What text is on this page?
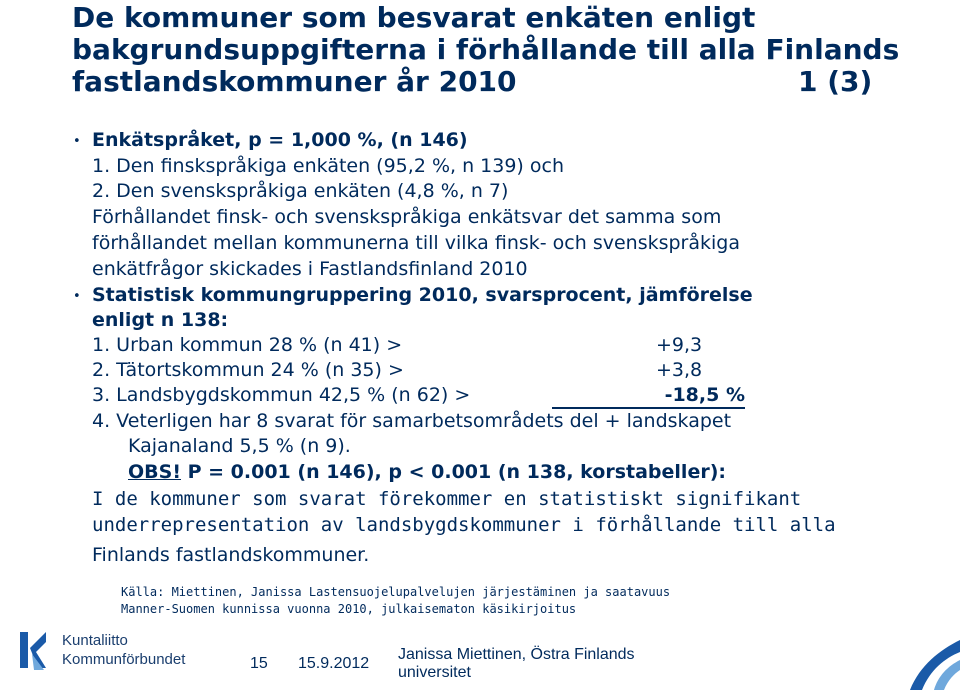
De kommuner som besvarat enkäten enligt bakgrundsuppgifterna i förhållande till alla Finlands fastlandskommuner år 2010	1 (3)
• Enkätspråket, p = 1,000 %, (n 146)
1. Den finskspråkiga enkäten (95,2 %, n 139) och
2. Den svenskspråkiga enkäten (4,8 %, n 7)
Förhållandet finsk- och svenskspråkiga enkätsvar det samma som
förhållandet mellan kommunerna till vilka finsk- och svenskspråkiga
enkätfrågor skickades i Fastlandsfinland 2010
• Statistisk kommungruppering 2010, svarsprocent, jämförelse
enligt n 138:
1. Urban kommun 28 % (n 41) >	+9,3
2. Tätortskommun 24 % (n 35) >	+3,8
3. Landsbygdskommun 42,5 % (n 62) >	-18,5 %
4. Veterligen har 8 svarat för samarbetsområdets del + landskapet
Kajanaland 5,5 % (n 9).
OBS! P = 0.001 (n 146), p < 0.001 (n 138, korstabeller):
I de kommuner som svarat förekommer en statistiskt signifikant
underrepresentation av landsbygdskommuner i förhållande till alla
Finlands fastlandskommuner.
Källa: Miettinen, Janissa Lastensuojelupalvelujen järjestäminen ja saatavuus
Manner-Suomen kunnissa vuonna 2010, julkaisematon käsikirjoitus
Kuntaliitto
Kommunförbundet	15 15.9.2012
Janissa Miettinen, Östra Finlands
universitet
